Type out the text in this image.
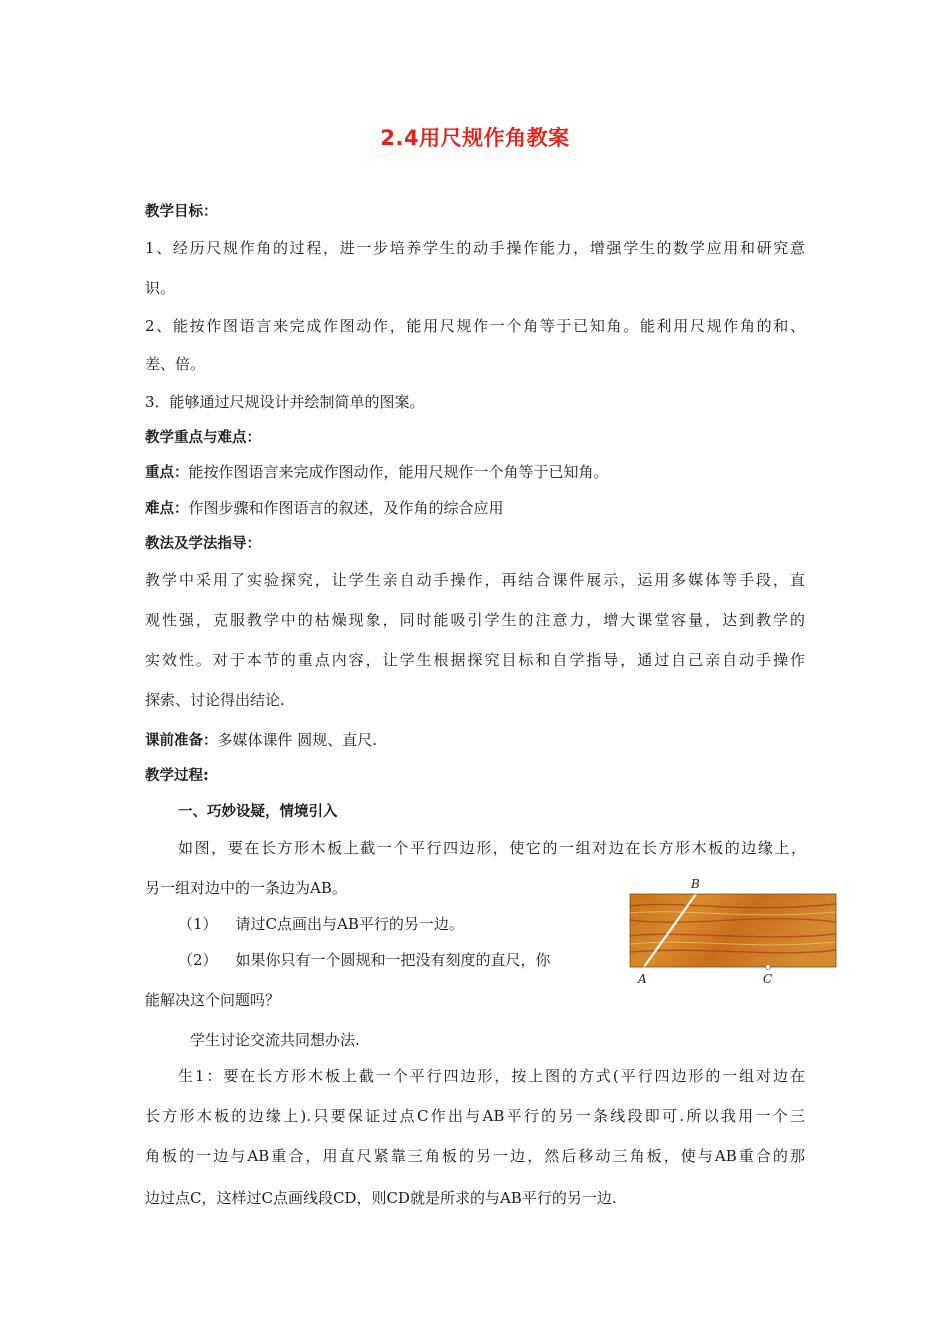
2.4用尺规作角教案
教学目标：
1、经历尺规作角的过程，进一步培养学生的动手操作能力，增强学生的数学应用和研究意
识。
2、能按作图语言来完成作图动作，能用尺规作一个角等于已知角。能利用尺规作角的和、
差、倍。
3．能够通过尺规设计并绘制简单的图案。
教学重点与难点：
重点：能按作图语言来完成作图动作，能用尺规作一个角等于已知角。
难点：作图步骤和作图语言的叙述，及作角的综合应用
教法及学法指导：
教学中采用了实验探究，让学生亲自动手操作，再结合课件展示，运用多媒体等手段，直
观性强，克服教学中的枯燥现象，同时能吸引学生的注意力，增大课堂容量，达到教学的
实效性。对于本节的重点内容，让学生根据探究目标和自学指导，通过自己亲自动手操作
探索、讨论得出结论.
课前准备：多媒体课件 圆规、直尺.
教学过程:
一、巧妙设疑，情境引入
如图，要在长方形木板上截一个平行四边形，使它的一组对边在长方形木板的边缘上，
另一组对边中的一条边为AB。
（1） 请过C点画出与AB平行的另一边。
（2） 如果你只有一个圆规和一把没有刻度的直尺，你
能解决这个问题吗？
学生讨论交流共同想办法.
生1：要在长方形木板上截一个平行四边形，按上图的方式(平行四边形的一组对边在
长方形木板的边缘上).只要保证过点C作出与AB平行的另一条线段即可.所以我用一个三
角板的一边与AB重合，用直尺紧靠三角板的另一边，然后移动三角板，使与AB重合的那
边过点C，这样过C点画线段CD，则CD就是所求的与AB平行的另一边.
B
A	C
